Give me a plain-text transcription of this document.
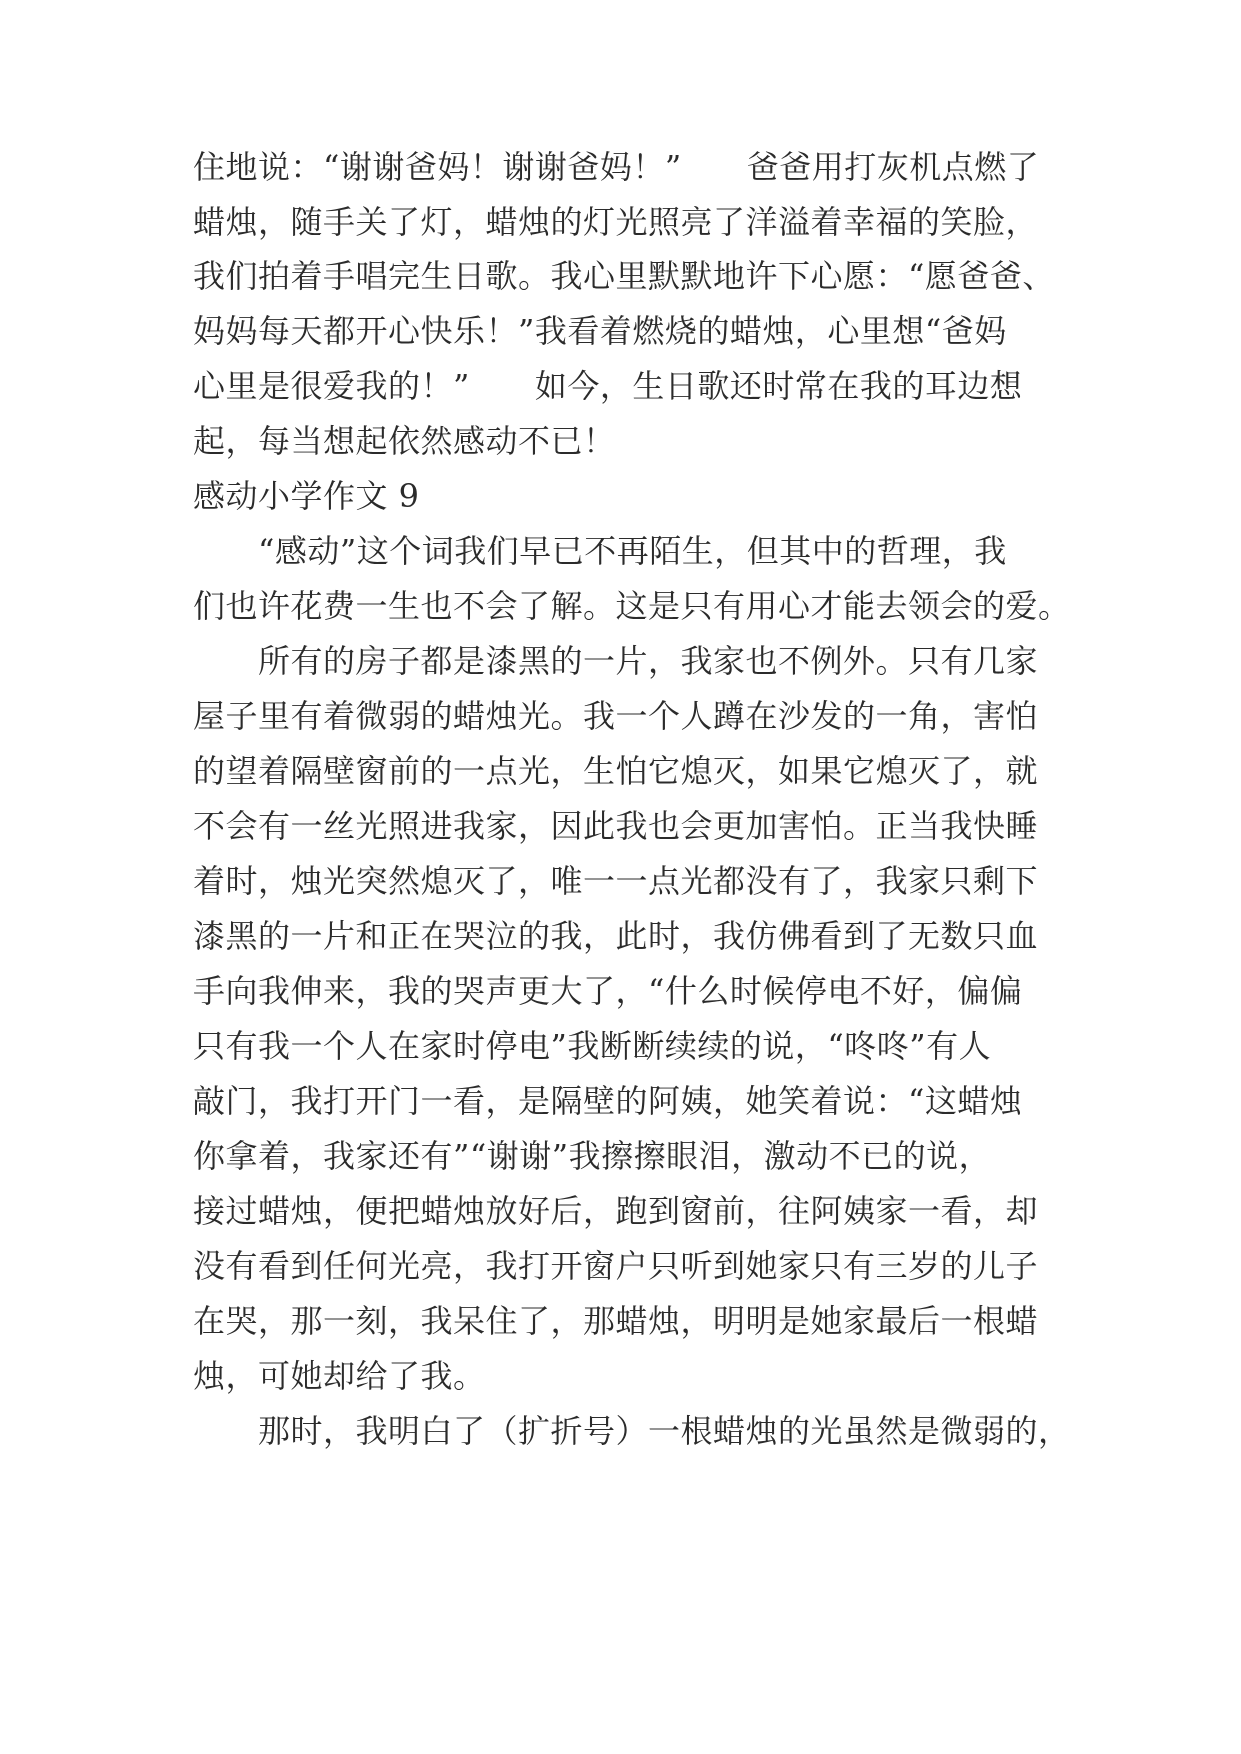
住地说：“谢谢爸妈！谢谢爸妈！”　　爸爸用打灰机点燃了
蜡烛，随手关了灯，蜡烛的灯光照亮了洋溢着幸福的笑脸，
我们拍着手唱完生日歌。我心里默默地许下心愿：“愿爸爸、
妈妈每天都开心快乐！”我看着燃烧的蜡烛，心里想“爸妈
心里是很爱我的！”　　如今，生日歌还时常在我的耳边想
起，每当想起依然感动不已！
感动小学作文 9
　　“感动”这个词我们早已不再陌生，但其中的哲理，我
们也许花费一生也不会了解。这是只有用心才能去领会的爱。
　　所有的房子都是漆黑的一片，我家也不例外。只有几家
屋子里有着微弱的蜡烛光。我一个人蹲在沙发的一角，害怕
的望着隔壁窗前的一点光，生怕它熄灭，如果它熄灭了，就
不会有一丝光照进我家，因此我也会更加害怕。正当我快睡
着时，烛光突然熄灭了，唯一一点光都没有了，我家只剩下
漆黑的一片和正在哭泣的我，此时，我仿佛看到了无数只血
手向我伸来，我的哭声更大了，“什么时候停电不好，偏偏
只有我一个人在家时停电”我断断续续的说，“咚咚”有人
敲门，我打开门一看，是隔壁的阿姨，她笑着说：“这蜡烛
你拿着，我家还有”“谢谢”我擦擦眼泪，激动不已的说，
接过蜡烛，便把蜡烛放好后，跑到窗前，往阿姨家一看，却
没有看到任何光亮，我打开窗户只听到她家只有三岁的儿子
在哭，那一刻，我呆住了，那蜡烛，明明是她家最后一根蜡
烛，可她却给了我。
　　那时，我明白了（扩折号）一根蜡烛的光虽然是微弱的，
